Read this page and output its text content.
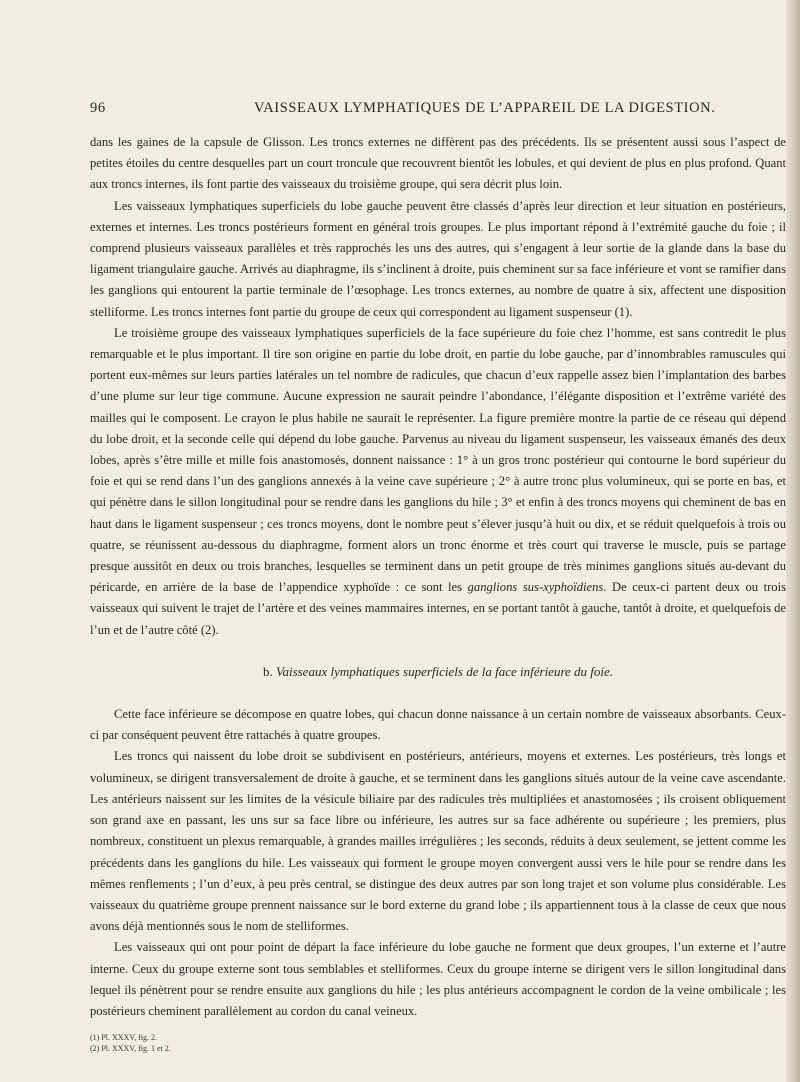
96	VAISSEAUX LYMPHATIQUES DE L’APPAREIL DE LA DIGESTION.

dans les gaines de la capsule de Glisson. Les troncs externes ne diffèrent pas des précédents. Ils se présentent aussi sous l’aspect de petites étoiles du centre desquelles part un court troncule que recouvrent bientôt les lobules, et qui devient de plus en plus profond. Quant aux troncs internes, ils font partie des vaisseaux du troisième groupe, qui sera décrit plus loin.

Les vaisseaux lymphatiques superficiels du lobe gauche peuvent être classés d’après leur direction et leur situation en postérieurs, externes et internes. Les troncs postérieurs forment en général trois groupes. Le plus important répond à l’extrémité gauche du foie ; il comprend plusieurs vaisseaux parallèles et très rapprochés les uns des autres, qui s’engagent à leur sortie de la glande dans la base du ligament triangulaire gauche. Arrivés au diaphragme, ils s’inclinent à droite, puis cheminent sur sa face inférieure et vont se ramifier dans les ganglions qui entourent la partie terminale de l’œsophage. Les troncs externes, au nombre de quatre à six, affectent une disposition stelliforme. Les troncs internes font partie du groupe de ceux qui correspondent au ligament suspenseur (1).

Le troisième groupe des vaisseaux lymphatiques superficiels de la face supérieure du foie chez l’homme, est sans contredit le plus remarquable et le plus important. Il tire son origine en partie du lobe droit, en partie du lobe gauche, par d’innombrables ramuscules qui portent eux-mêmes sur leurs parties latérales un tel nombre de radicules, que chacun d’eux rappelle assez bien l’implantation des barbes d’une plume sur leur tige commune. Aucune expression ne saurait peindre l’abondance, l’élégante disposition et l’extrême variété des mailles qui le composent. Le crayon le plus habile ne saurait le représenter. La figure première montre la partie de ce réseau qui dépend du lobe droit, et la seconde celle qui dépend du lobe gauche. Parvenus au niveau du ligament suspenseur, les vaisseaux émanés des deux lobes, après s’être mille et mille fois anastomosés, donnent naissance : 1° à un gros tronc postérieur qui contourne le bord supérieur du foie et qui se rend dans l’un des ganglions annexés à la veine cave supérieure ; 2° à autre tronc plus volumineux, qui se porte en bas, et qui pénètre dans le sillon longitudinal pour se rendre dans les ganglions du hile ; 3° et enfin à des troncs moyens qui cheminent de bas en haut dans le ligament suspenseur ; ces troncs moyens, dont le nombre peut s’élever jusqu’à huit ou dix, et se réduit quelquefois à trois ou quatre, se réunissent au-dessous du diaphragme, forment alors un tronc énorme et très court qui traverse le muscle, puis se partage presque aussitôt en deux ou trois branches, lesquelles se terminent dans un petit groupe de très minimes ganglions situés au-devant du péricarde, en arrière de la base de l’appendice xyphoïde : ce sont les ganglions sus-xyphoïdiens. De ceux-ci partent deux ou trois vaisseaux qui suivent le trajet de l’artère et des veines mammaires internes, en se portant tantôt à gauche, tantôt à droite, et quelquefois de l’un et de l’autre côté (2).

b. Vaisseaux lymphatiques superficiels de la face inférieure du foie.

Cette face inférieure se décompose en quatre lobes, qui chacun donne naissance à un certain nombre de vaisseaux absorbants. Ceux-ci par conséquent peuvent être rattachés à quatre groupes.

Les troncs qui naissent du lobe droit se subdivisent en postérieurs, antérieurs, moyens et externes. Les postérieurs, très longs et volumineux, se dirigent transversalement de droite à gauche, et se terminent dans les ganglions situés autour de la veine cave ascendante. Les antérieurs naissent sur les limites de la vésicule biliaire par des radicules très multipliées et anastomosées ; ils croisent obliquement son grand axe en passant, les uns sur sa face libre ou inférieure, les autres sur sa face adhérente ou supérieure ; les premiers, plus nombreux, constituent un plexus remarquable, à grandes mailles irrégulières ; les seconds, réduits à deux seulement, se jettent comme les précédents dans les ganglions du hile. Les vaisseaux qui forment le groupe moyen convergent aussi vers le hile pour se rendre dans les mêmes renflements ; l’un d’eux, à peu près central, se distingue des deux autres par son long trajet et son volume plus considérable. Les vaisseaux du quatrième groupe prennent naissance sur le bord externe du grand lobe ; ils appartiennent tous à la classe de ceux que nous avons déjà mentionnés sous le nom de stelliformes.

Les vaisseaux qui ont pour point de départ la face inférieure du lobe gauche ne forment que deux groupes, l’un externe et l’autre interne. Ceux du groupe externe sont tous semblables et stelliformes. Ceux du groupe interne se dirigent vers le sillon longitudinal dans lequel ils pénètrent pour se rendre ensuite aux ganglions du hile ; les plus antérieurs accompagnent le cordon de la veine ombilicale ; les postérieurs cheminent parallèlement au cordon du canal veineux.

(1) Pl. XXXV, fig. 2.

(2) Pl. XXXV, fig. 1 et 2.
